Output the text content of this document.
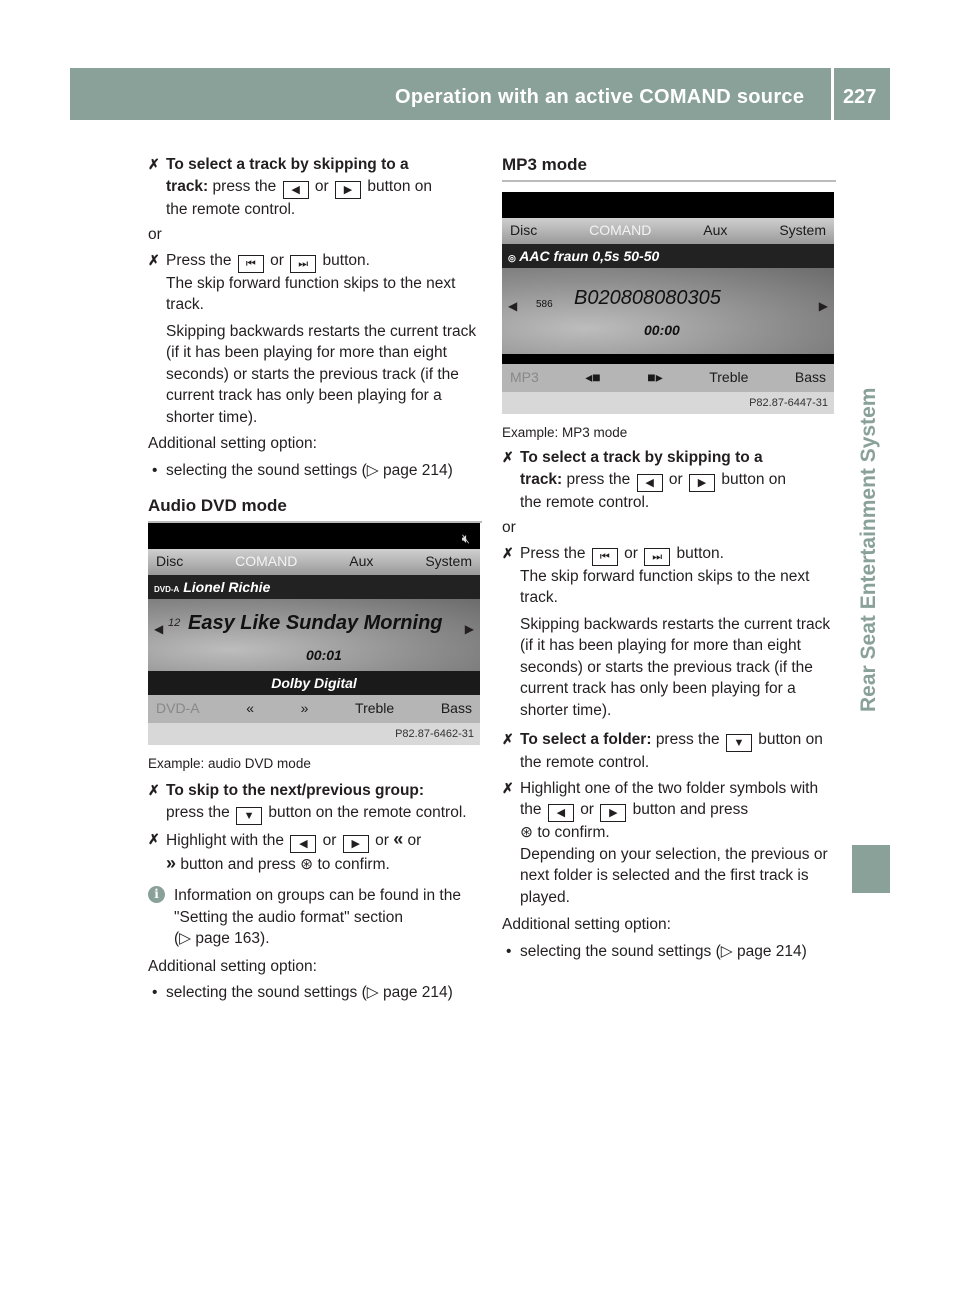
Operation with an active COMAND source 227
Rear Seat Entertainment System

✗ To select a track by skipping to a
track: press the ◀ or ▶ button on
the remote control.

or

✗ Press the ⏮ or ⏭ button.
The skip forward function skips to the next track.

Skipping backwards restarts the current track (if it has been playing for more than eight seconds) or starts the previous track (if the current track has only been playing for a shorter time).

Additional setting option:

• selecting the sound settings (▷ page 214)

Audio DVD mode

🔇︎
Disc	COMAND	Aux	System
DVD-A Lionel Richie
◀ 12 Easy Like Sunday Morning ▶
00:01
Dolby Digital
DVD-A	«	»	Treble	Bass
P82.87-6462-31

Example: audio DVD mode

✗ To skip to the next/previous group:
press the ▼ button on the remote control.

✗ Highlight with the ◀ or ▶ or « or
» button and press ⊛ to confirm.

i Information on groups can be found in the "Setting the audio format" section
(▷ page 163).

Additional setting option:

• selecting the sound settings (▷ page 214)

MP3 mode

Disc	COMAND	Aux	System
◎ AAC fraun 0,5s 50-50
◀ 586 B020808080305	▶
00:00
MP3	◂■	■▸	Treble	Bass
P82.87-6447-31

Example: MP3 mode

✗ To select a track by skipping to a
track: press the ◀ or ▶ button on
the remote control.

or

✗ Press the ⏮ or ⏭ button.
The skip forward function skips to the next track.

Skipping backwards restarts the current track (if it has been playing for more than eight seconds) or starts the previous track (if the current track has only been playing for a shorter time).

✗ To select a folder: press the ▼ button on the remote control.

✗ Highlight one of the two folder symbols with the ◀ or ▶ button and press
⊛ to confirm.
Depending on your selection, the previous or next folder is selected and the first track is played.

Additional setting option:

• selecting the sound settings (▷ page 214)
